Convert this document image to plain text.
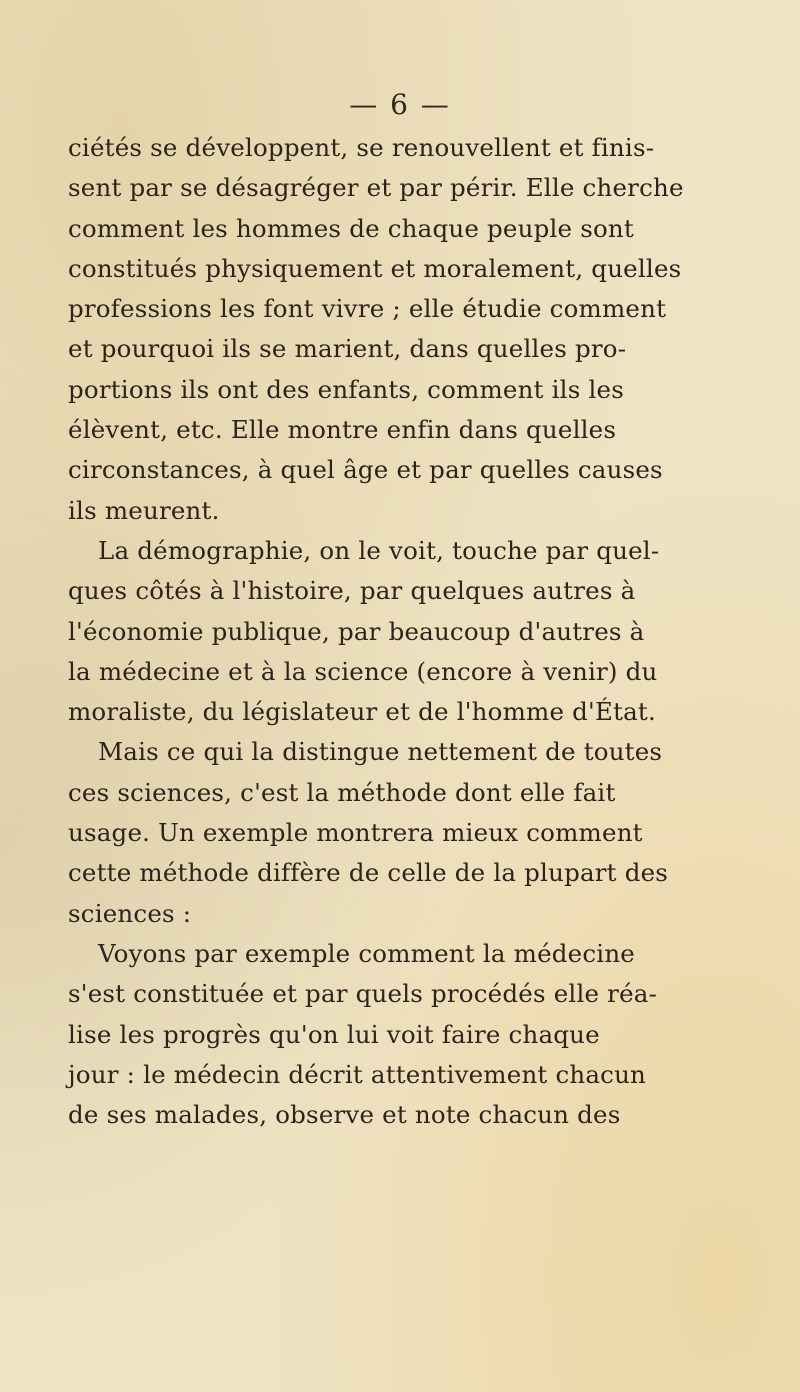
— 6 —
ciétés se développent, se renouvellent et finis-
sent par se désagréger et par périr. Elle cherche
comment les hommes de chaque peuple sont
constitués physiquement et moralement, quelles
professions les font vivre ; elle étudie comment
et pourquoi ils se marient, dans quelles pro-
portions ils ont des enfants, comment ils les
élèvent, etc. Elle montre enfin dans quelles
circonstances, à quel âge et par quelles causes
ils meurent.
La démographie, on le voit, touche par quel-
ques côtés à l'histoire, par quelques autres à
l'économie publique, par beaucoup d'autres à
la médecine et à la science (encore à venir) du
moraliste, du législateur et de l'homme d'État.
Mais ce qui la distingue nettement de toutes
ces sciences, c'est la méthode dont elle fait
usage. Un exemple montrera mieux comment
cette méthode diffère de celle de la plupart des
sciences :
Voyons par exemple comment la médecine
s'est constituée et par quels procédés elle réa-
lise les progrès qu'on lui voit faire chaque
jour : le médecin décrit attentivement chacun
de ses malades, observe et note chacun des
